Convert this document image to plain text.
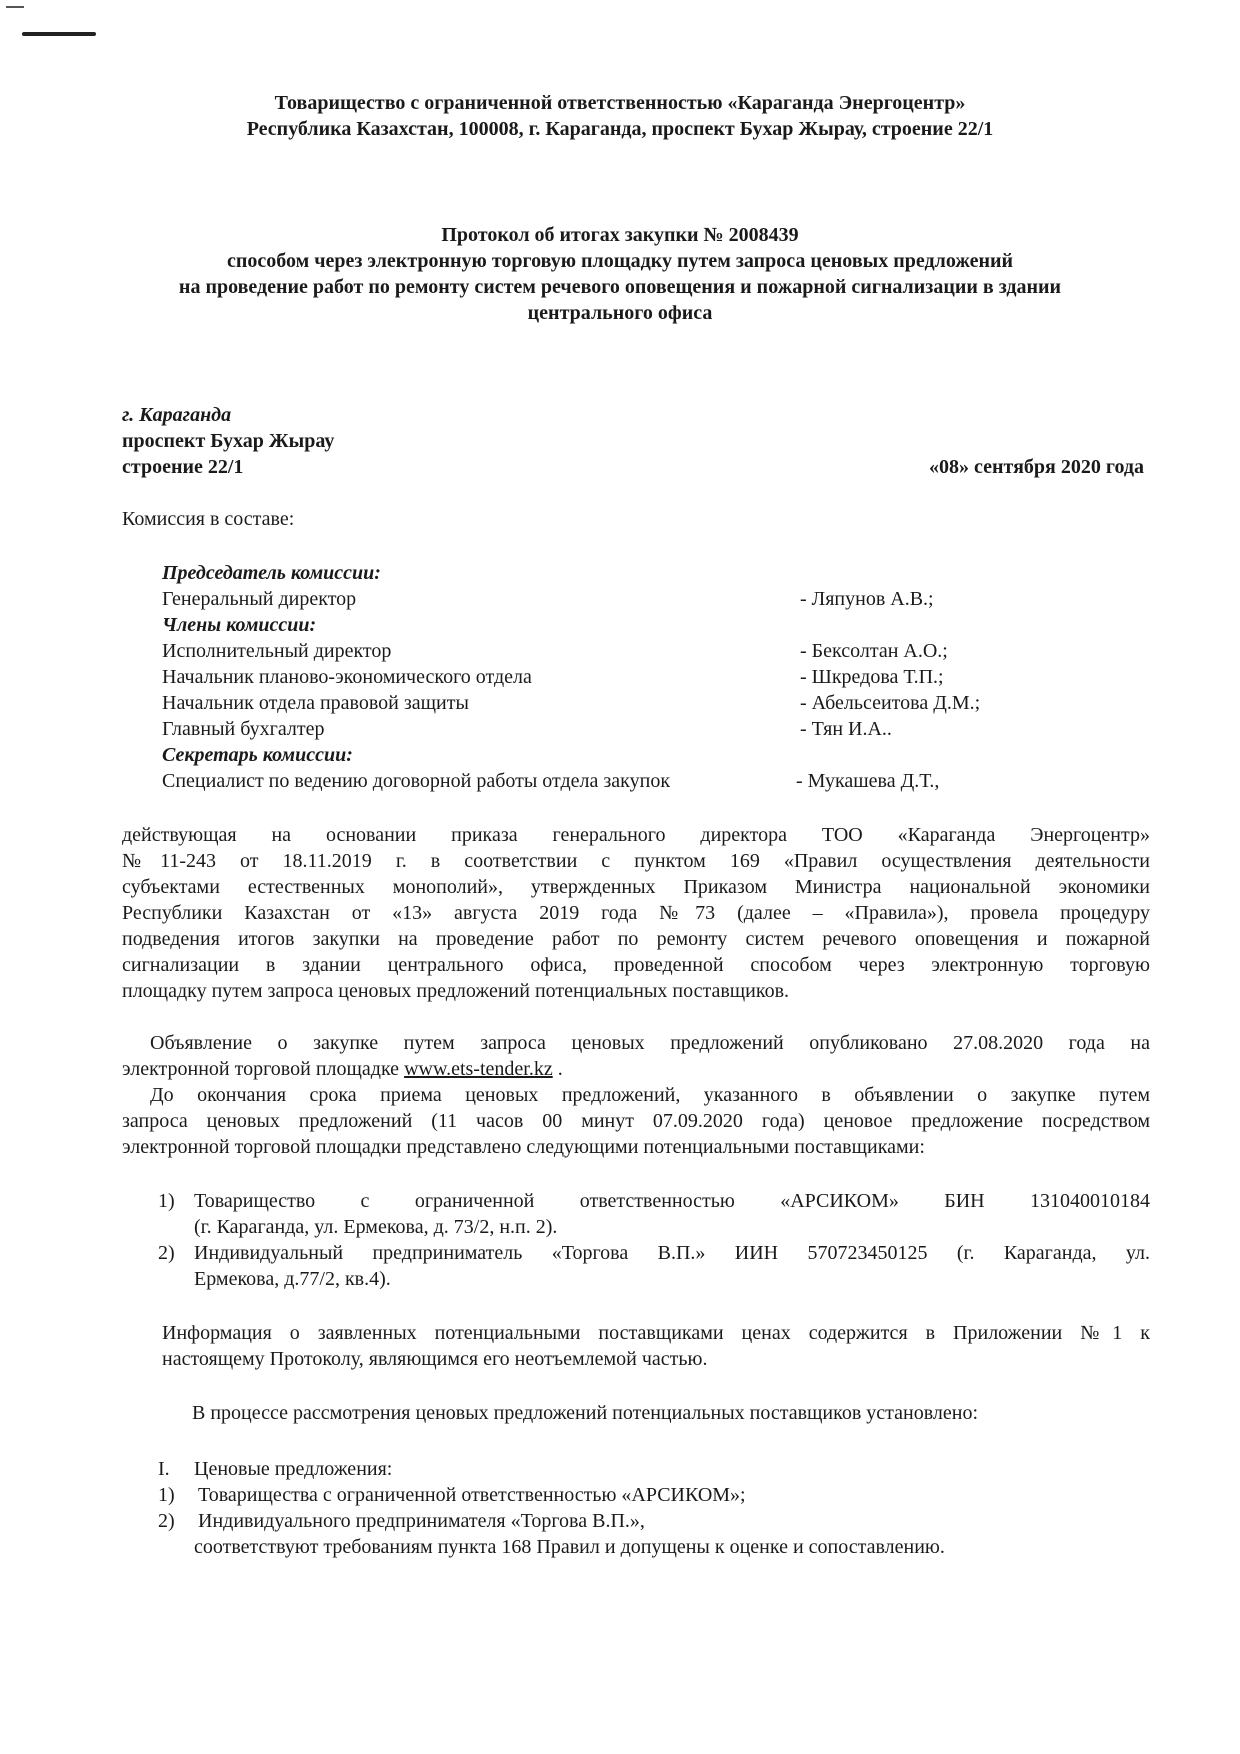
Товарищество с ограниченной ответственностью «Караганда Энергоцентр»
Республика Казахстан, 100008, г. Караганда, проспект Бухар Жырау, строение 22/1
Протокол об итогах закупки № 2008439
способом через электронную торговую площадку путем запроса ценовых предложений
на проведение работ по ремонту систем речевого оповещения и пожарной сигнализации в здании
центрального офиса
г. Караганда
проспект Бухар Жырау
строение 22/1	«08» сентября 2020 года
Комиссия в составе:
Председатель комиссии:
Генеральный директор	- Ляпунов А.В.;
Члены комиссии:
Исполнительный директор	- Бексолтан А.О.;
Начальник планово-экономического отдела	- Шкредова Т.П.;
Начальник отдела правовой защиты	- Абельсеитова Д.М.;
Главный бухгалтер	- Тян И.А..
Секретарь комиссии:
Специалист по ведению договорной работы отдела закупок	- Мукашева Д.Т.,
действующая на основании приказа генерального директора ТОО «Караганда Энергоцентр»
№11-243 от 18.11.2019 г. в соответствии с пунктом 169 «Правил осуществления деятельности
субъектами естественных монополий», утвержденных Приказом Министра национальной экономики
Республики Казахстан от «13» августа 2019 года №73 (далее – «Правила»), провела процедуру
подведения итогов закупки на проведение работ по ремонту систем речевого оповещения и пожарной
сигнализации в здании центрального офиса, проведенной способом через электронную торговую
площадку путем запроса ценовых предложений потенциальных поставщиков.
Объявление о закупке путем запроса ценовых предложений опубликовано 27.08.2020 года на
электронной торговой площадке www.ets-tender.kz .
До окончания срока приема ценовых предложений, указанного в объявлении о закупке путем
запроса ценовых предложений (11 часов 00 минут 07.09.2020 года) ценовое предложение посредством
электронной торговой площадки представлено следующими потенциальными поставщиками:
1) Товарищество с ограниченной ответственностью «АРСИКОМ» БИН 131040010184
(г. Караганда, ул. Ермекова, д. 73/2, н.п. 2).
2) Индивидуальный предприниматель «Торгова В.П.» ИИН 570723450125 (г. Караганда, ул.
Ермекова, д.77/2, кв.4).
Информация о заявленных потенциальными поставщиками ценах содержится в Приложении №1 к
настоящему Протоколу, являющимся его неотъемлемой частью.
В процессе рассмотрения ценовых предложений потенциальных поставщиков установлено:
I. Ценовые предложения:
1) Товарищества с ограниченной ответственностью «АРСИКОМ»;
2) Индивидуального предпринимателя «Торгова В.П.»,
соответствуют требованиям пункта 168 Правил и допущены к оценке и сопоставлению.
